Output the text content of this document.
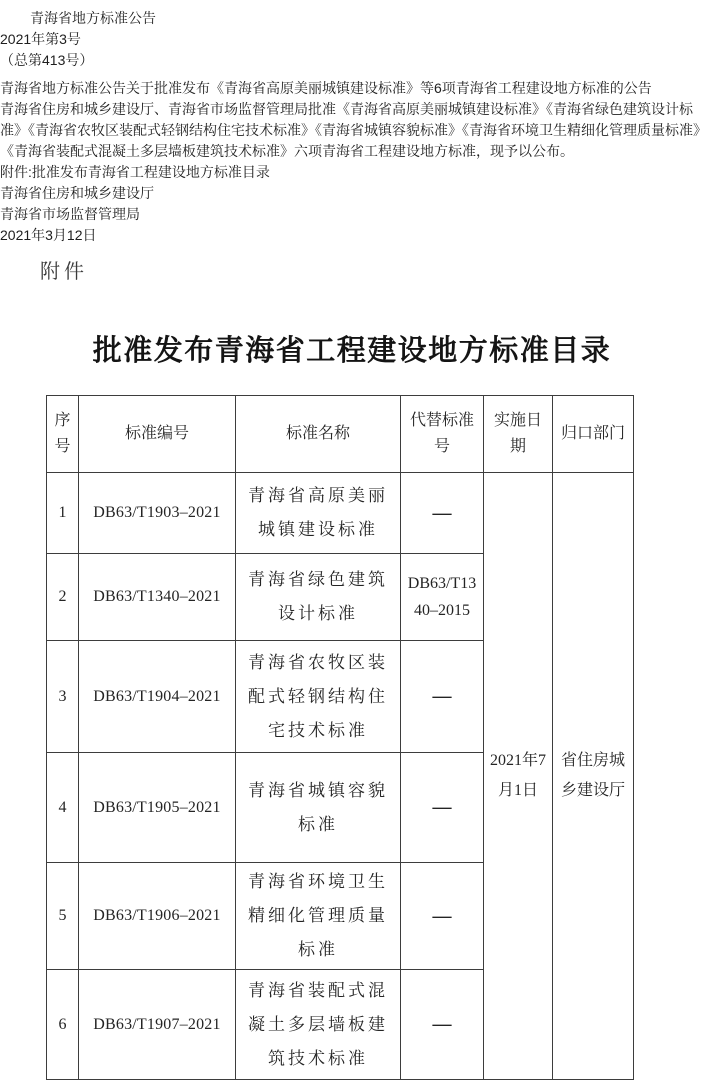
青海省地方标准公告

2021年第3号

（总第413号）

青海省地方标准公告关于批准发布《青海省高原美丽城镇建设标准》等6项青海省工程建设地方标准的公告

青海省住房和城乡建设厅、青海省市场监督管理局批准《青海省高原美丽城镇建设标准》《青海省绿色建筑设计标准》《青海省农牧区装配式轻钢结构住宅技术标准》《青海省城镇容貌标准》《青海省环境卫生精细化管理质量标准》《青海省装配式混凝土多层墙板建筑技术标准》六项青海省工程建设地方标准，现予以公布。

附件:批准发布青海省工程建设地方标准目录

青海省住房和城乡建设厅

青海省市场监督管理局

2021年3月12日

附件
批准发布青海省工程建设地方标准目录
序号	标准编号	标准名称	代替标准号	实施日期	归口部门
1	DB63/T1903–2021	青海省高原美丽城镇建设标准	—	2021年7月1日	省住房城乡建设厅
2	DB63/T1340–2021	青海省绿色建筑设计标准	DB63/T1340–2015		
3	DB63/T1904–2021	青海省农牧区装配式轻钢结构住宅技术标准	—		
4	DB63/T1905–2021	青海省城镇容貌标准	—		
5	DB63/T1906–2021	青海省环境卫生精细化管理质量标准	—		
6	DB63/T1907–2021	青海省装配式混凝土多层墙板建筑技术标准	—		
